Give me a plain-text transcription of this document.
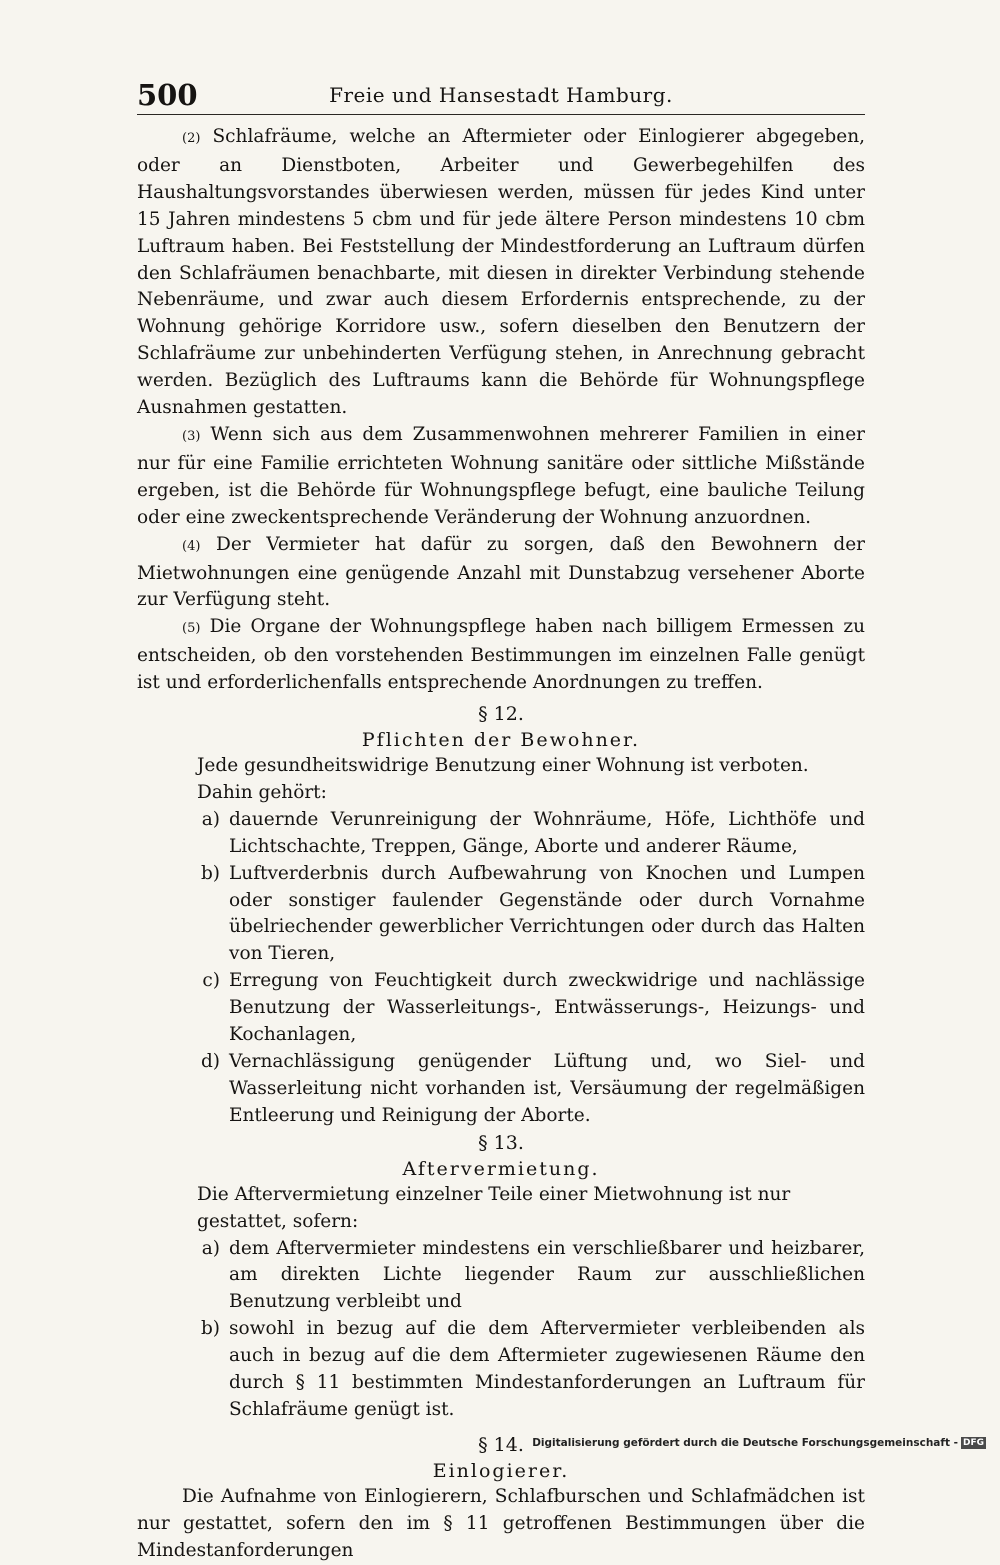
500	Freie und Hansestadt Hamburg.

(2) Schlafräume, welche an Aftermieter oder Einlogierer abgegeben, oder an Dienstboten, Arbeiter und Gewerbegehilfen des Haushaltungsvorstandes überwiesen werden, müssen für jedes Kind unter 15 Jahren mindestens 5 cbm und für jede ältere Person mindestens 10 cbm Luftraum haben. Bei Feststellung der Mindestforderung an Luftraum dürfen den Schlafräumen benachbarte, mit diesen in direkter Verbindung stehende Nebenräume, und zwar auch diesem Erfordernis entsprechende, zu der Wohnung gehörige Korridore usw., sofern dieselben den Benutzern der Schlafräume zur unbehinderten Verfügung stehen, in Anrechnung gebracht werden. Bezüglich des Luftraums kann die Behörde für Wohnungspflege Ausnahmen gestatten.

(3) Wenn sich aus dem Zusammenwohnen mehrerer Familien in einer nur für eine Familie errichteten Wohnung sanitäre oder sittliche Mißstände ergeben, ist die Behörde für Wohnungspflege befugt, eine bauliche Teilung oder eine zweckentsprechende Veränderung der Wohnung anzuordnen.

(4) Der Vermieter hat dafür zu sorgen, daß den Bewohnern der Mietwohnungen eine genügende Anzahl mit Dunstabzug versehener Aborte zur Verfügung steht.

(5) Die Organe der Wohnungspflege haben nach billigem Ermessen zu entscheiden, ob den vorstehenden Bestimmungen im einzelnen Falle genügt ist und erforderlichenfalls entsprechende Anordnungen zu treffen.

§ 12.

Pflichten der Bewohner.

Jede gesundheitswidrige Benutzung einer Wohnung ist verboten.

Dahin gehört:

a) dauernde Verunreinigung der Wohnräume, Höfe, Lichthöfe und Lichtschachte, Treppen, Gänge, Aborte und anderer Räume,
b) Luftverderbnis durch Aufbewahrung von Knochen und Lumpen oder sonstiger faulender Gegenstände oder durch Vornahme übelriechender gewerblicher Verrichtungen oder durch das Halten von Tieren,
c) Erregung von Feuchtigkeit durch zweckwidrige und nachlässige Benutzung der Wasserleitungs-, Entwässerungs-, Heizungs- und Kochanlagen,
d) Vernachlässigung genügender Lüftung und, wo Siel- und Wasserleitung nicht vorhanden ist, Versäumung der regelmäßigen Entleerung und Reinigung der Aborte.

§ 13.

Aftervermietung.

Die Aftervermietung einzelner Teile einer Mietwohnung ist nur gestattet, sofern:

a) dem Aftervermieter mindestens ein verschließbarer und heizbarer, am direkten Lichte liegender Raum zur ausschließlichen Benutzung verbleibt und
b) sowohl in bezug auf die dem Aftervermieter verbleibenden als auch in bezug auf die dem Aftermieter zugewiesenen Räume den durch § 11 bestimmten Mindestanforderungen an Luftraum für Schlafräume genügt ist.

§ 14.

Einlogierer.

Die Aufnahme von Einlogierern, Schlafburschen und Schlafmädchen ist nur gestattet, sofern den im § 11 getroffenen Bestimmungen über die Mindestanforderungen

Digitalisierung gefördert durch die Deutsche Forschungsgemeinschaft - DFG
